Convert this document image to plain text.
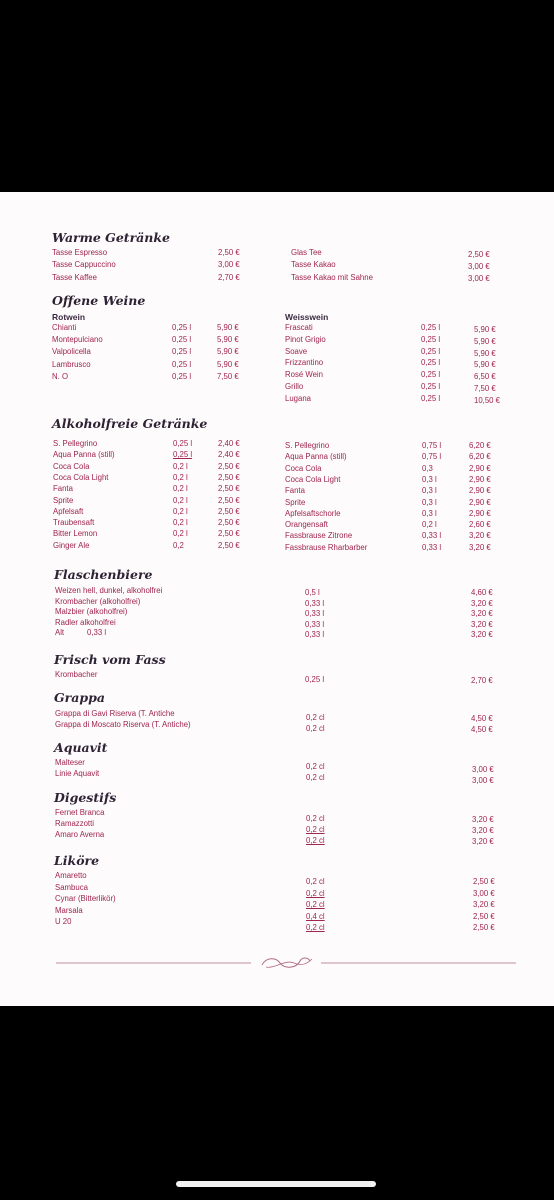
Warme Getränke
Offene Weine
Rotwein	Weisswein
Alkoholfreie Getränke
Flaschenbiere
Frisch vom Fass
Grappa
Aquavit
Digestifs
Liköre
Tasse Espresso	2,50 €
Tasse Cappuccino	3,00 €
Tasse Kaffee	2,70 €
Glas Tee	2,50 €
Tasse Kakao	3,00 €
Tasse Kakao mit Sahne	3,00 €
Chianti	0,25 l	5,90 €
Montepulciano	0,25 l	5,90 €
Valpolicella	0,25 l	5,90 €
Lambrusco	0,25 l	5,90 €
N. O	0,25 l	7,50 €
Frascati	0,25 l	5,90 €
Pinot Grigio	0,25 l	5,90 €
Soave	0,25 l	5,90 €
Frizzantino	0,25 l	5,90 €
Rosé Wein	0,25 l	6,50 €
Grillo	0,25 l	7,50 €
Lugana	0,25 l	10,50 €
S. Pellegrino	0,25 l	2,40 €
Aqua Panna (still)	0,25 l	2,40 €
Coca Cola	0,2 l	2,50 €
Coca Cola Light	0,2 l	2,50 €
Fanta	0,2 l	2,50 €
Sprite	0,2 l	2,50 €
Apfelsaft	0,2 l	2,50 €
Traubensaft	0,2 l	2,50 €
Bitter Lemon	0,2 l	2,50 €
Ginger Ale	0,2	2,50 €
S. Pellegrino	0,75 l	6,20 €
Aqua Panna (still)	0,75 l	6,20 €
Coca Cola	0,3	2,90 €
Coca Cola Light	0,3 l	2,90 €
Fanta	0,3 l	2,90 €
Sprite	0,3 l	2,90 €
Apfelsaftschorle	0,3 l	2,90 €
Orangensaft	0,2 l	2,60 €
Fassbrause Zitrone	0,33 l	3,20 €
Fassbrause Rharbarber	0,33 l	3,20 €
Weizen hell, dunkel, alkoholfrei	0,5 l	4,60 €
Krombacher (alkoholfrei)	0,33 l	3,20 €
Malzbier (alkoholfrei)	0,33 l	3,20 €
Radler alkoholfrei	0,33 l	3,20 €
Alt	0,33 l	0,33 l	3,20 €
Krombacher
0,25 l	2,70 €
Grappa di Gavi Riserva (T. Antiche	0,2 cl	4,50 €
Grappa di Moscato Riserva (T. Antiche)	0,2 cl	4,50 €
Malteser	0,2 cl	3,00 €
Linie Aquavit	0,2 cl	3,00 €
Fernet Branca
0,2 cl	3,20 €
Ramazzotti
0,2 cl	3,20 €
Amaro Averna
0,2 cl	3,20 €
Amaretto
0,2 cl	2,50 €
Sambuca
0,2 cl	3,00 €
Cynar (Bitterlikör)
0,2 cl	3,20 €
Marsala
0,4 cl	2,50 €
U 20
0,2 cl	2,50 €
